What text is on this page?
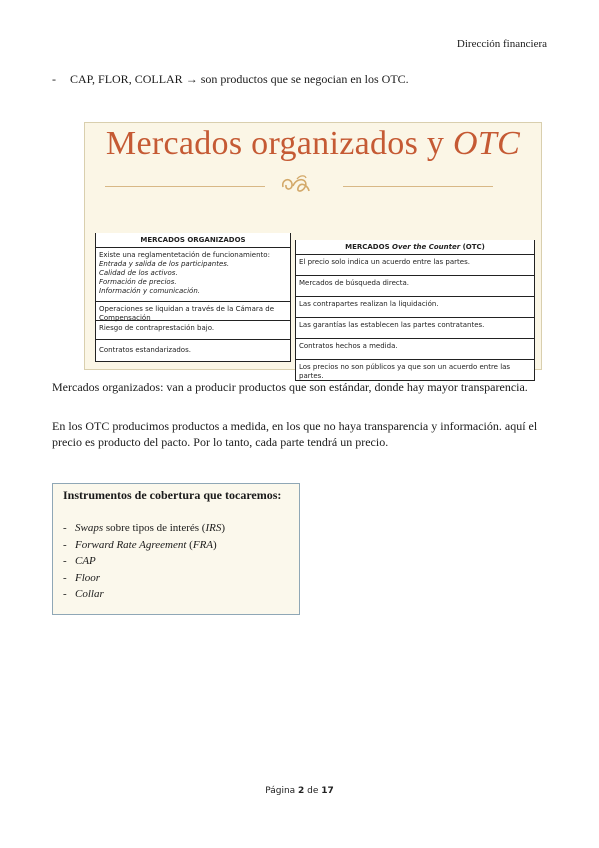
Dirección financiera
- CAP, FLOR, COLLAR → son productos que se negocian en los OTC.
Mercados organizados y OTC
MERCADOS ORGANIZADOS
Existe una reglamentetación de funcionamiento:
Entrada y salida de los participantes.
Calidad de los activos.
Formación de precios.
Información y comunicación.
Operaciones se liquidan a través de la Cámara de Compensación
Riesgo de contraprestación bajo.
Contratos estandarizados.
MERCADOS Over the Counter (OTC)
El precio solo indica un acuerdo entre las partes.
Mercados de búsqueda directa.
Las contrapartes realizan la liquidación.
Las garantías las establecen las partes contratantes.
Contratos hechos a medida.
Los precios no son públicos ya que son un acuerdo entre las partes.
Mercados organizados: van a producir productos que son estándar, donde hay mayor transparencia.
En los OTC producimos productos a medida, en los que no haya transparencia y información. aquí el precio es producto del pacto. Por lo tanto, cada parte tendrá un precio.
Instrumentos de cobertura que tocaremos:
- Swaps sobre tipos de interés (IRS)
- Forward Rate Agreement (FRA)
- CAP
- Floor
- Collar
Página 2 de 17
